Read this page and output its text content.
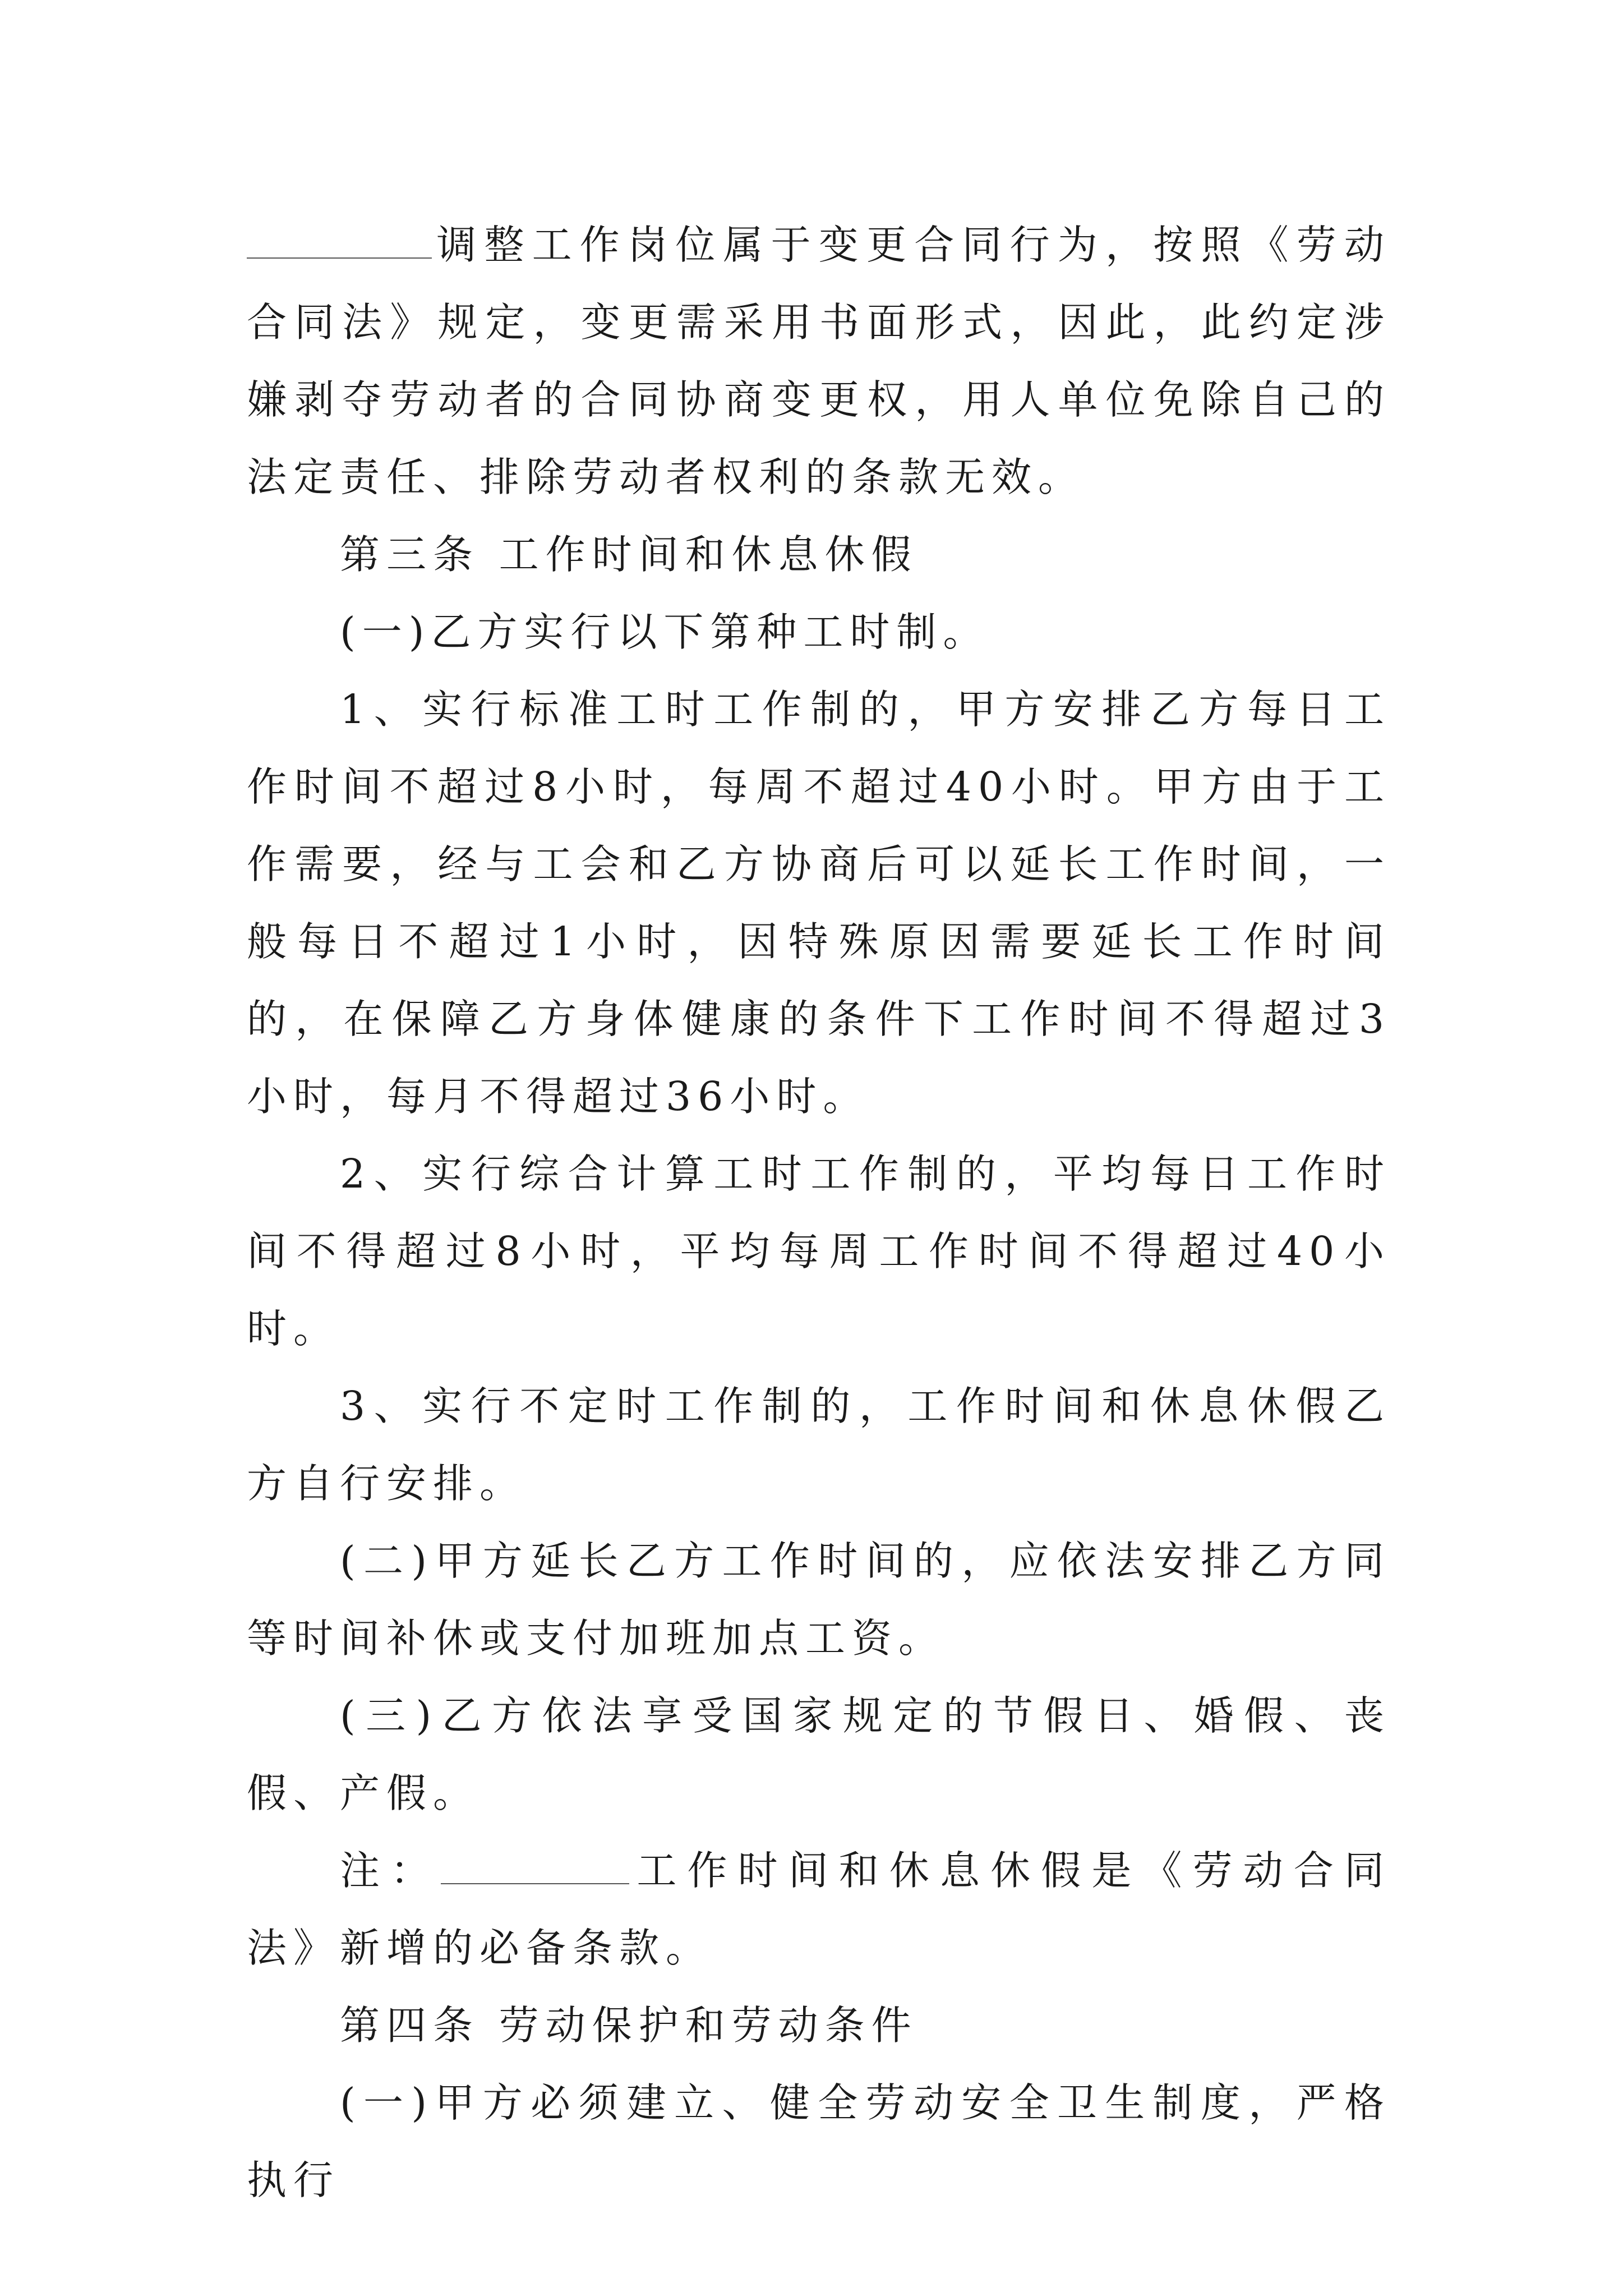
调整工作岗位属于变更合同行为，按照《劳动合同法》规定，变更需采用书面形式，因此，此约定涉嫌剥夺劳动者的合同协商变更权，用人单位免除自己的法定责任、排除劳动者权利的条款无效。

第三条 工作时间和休息休假

(一)乙方实行以下第种工时制。

1、实行标准工时工作制的，甲方安排乙方每日工作时间不超过8小时，每周不超过40小时。甲方由于工作需要，经与工会和乙方协商后可以延长工作时间，一般每日不超过1小时，因特殊原因需要延长工作时间的，在保障乙方身体健康的条件下工作时间不得超过3小时，每月不得超过36小时。

2、实行综合计算工时工作制的，平均每日工作时间不得超过8小时，平均每周工作时间不得超过40小时。

3、实行不定时工作制的，工作时间和休息休假乙方自行安排。

(二)甲方延长乙方工作时间的，应依法安排乙方同等时间补休或支付加班加点工资。

(三)乙方依法享受国家规定的节假日、婚假、丧假、产假。

注：	工作时间和休息休假是《劳动合同法》新增的必备条款。

第四条 劳动保护和劳动条件

(一)甲方必须建立、健全劳动安全卫生制度，严格执行
